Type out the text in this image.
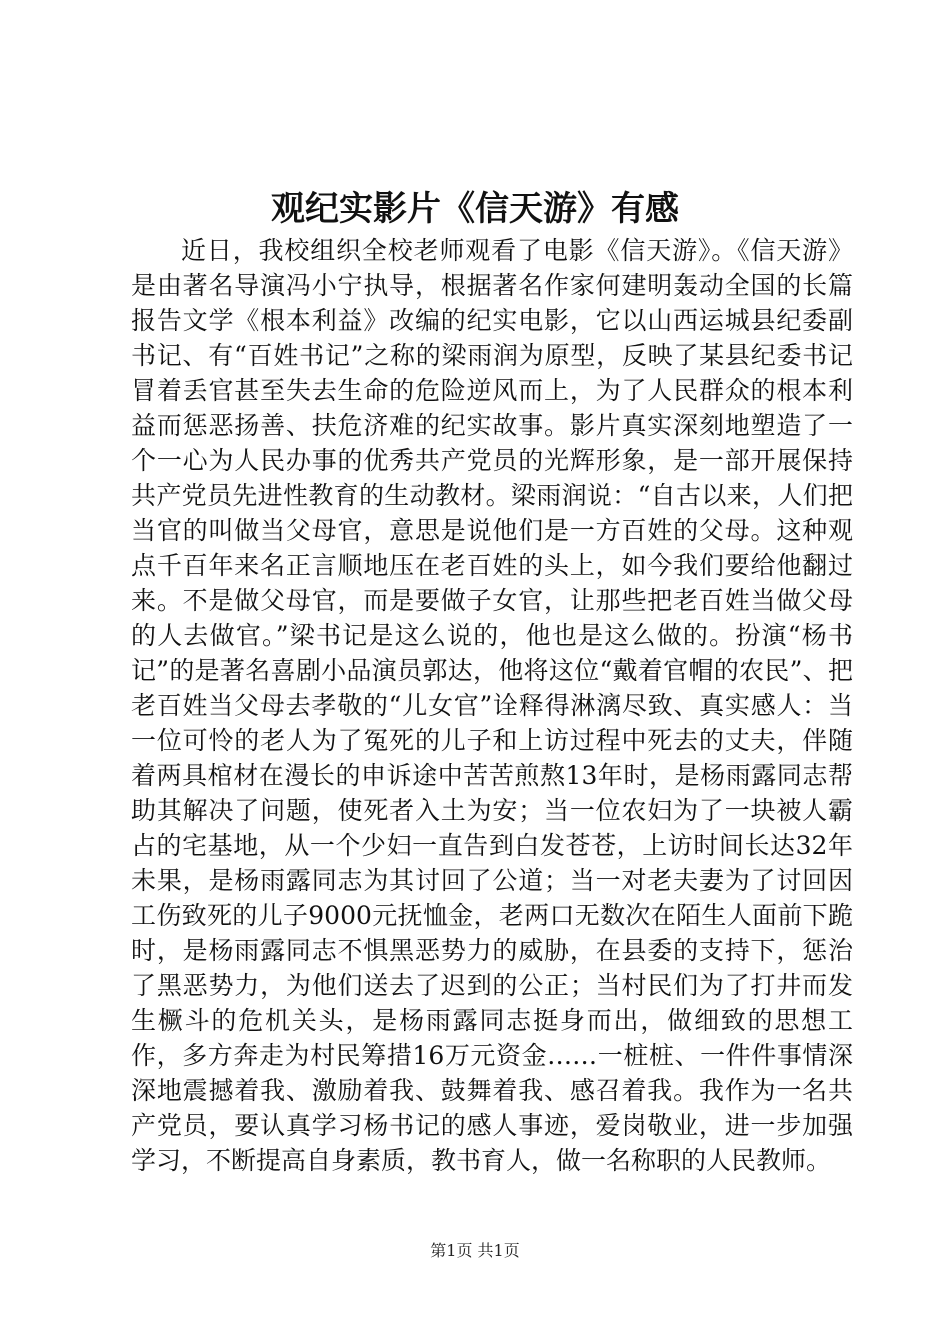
观纪实影片《信天游》有感

近日，我校组织全校老师观看了电影《信天游》。《信天游》是由著名导演冯小宁执导，根据著名作家何建明轰动全国的长篇报告文学《根本利益》改编的纪实电影，它以山西运城县纪委副书记、有“百姓书记”之称的梁雨润为原型，反映了某县纪委书记冒着丢官甚至失去生命的危险逆风而上，为了人民群众的根本利益而惩恶扬善、扶危济难的纪实故事。影片真实深刻地塑造了一个一心为人民办事的优秀共产党员的光辉形象，是一部开展保持共产党员先进性教育的生动教材。梁雨润说：“自古以来，人们把当官的叫做当父母官，意思是说他们是一方百姓的父母。这种观点千百年来名正言顺地压在老百姓的头上，如今我们要给他翻过来。不是做父母官，而是要做子女官，让那些把老百姓当做父母的人去做官。”梁书记是这么说的，他也是这么做的。扮演“杨书记”的是著名喜剧小品演员郭达，他将这位“戴着官帽的农民”、把老百姓当父母去孝敬的“儿女官”诠释得淋漓尽致、真实感人：当一位可怜的老人为了冤死的儿子和上访过程中死去的丈夫，伴随着两具棺材在漫长的申诉途中苦苦煎熬13年时，是杨雨露同志帮助其解决了问题，使死者入土为安；当一位农妇为了一块被人霸占的宅基地，从一个少妇一直告到白发苍苍，上访时间长达32年未果，是杨雨露同志为其讨回了公道；当一对老夫妻为了讨回因工伤致死的儿子9000元抚恤金，老两口无数次在陌生人面前下跪时，是杨雨露同志不惧黑恶势力的威胁，在县委的支持下，惩治了黑恶势力，为他们送去了迟到的公正；当村民们为了打井而发生橛斗的危机关头，是杨雨露同志挺身而出，做细致的思想工作，多方奔走为村民筹措16万元资金……一桩桩、一件件事情深深地震撼着我、激励着我、鼓舞着我、感召着我。我作为一名共产党员，要认真学习杨书记的感人事迹，爱岗敬业，进一步加强学习，不断提高自身素质，教书育人，做一名称职的人民教师。

第1页 共1页
